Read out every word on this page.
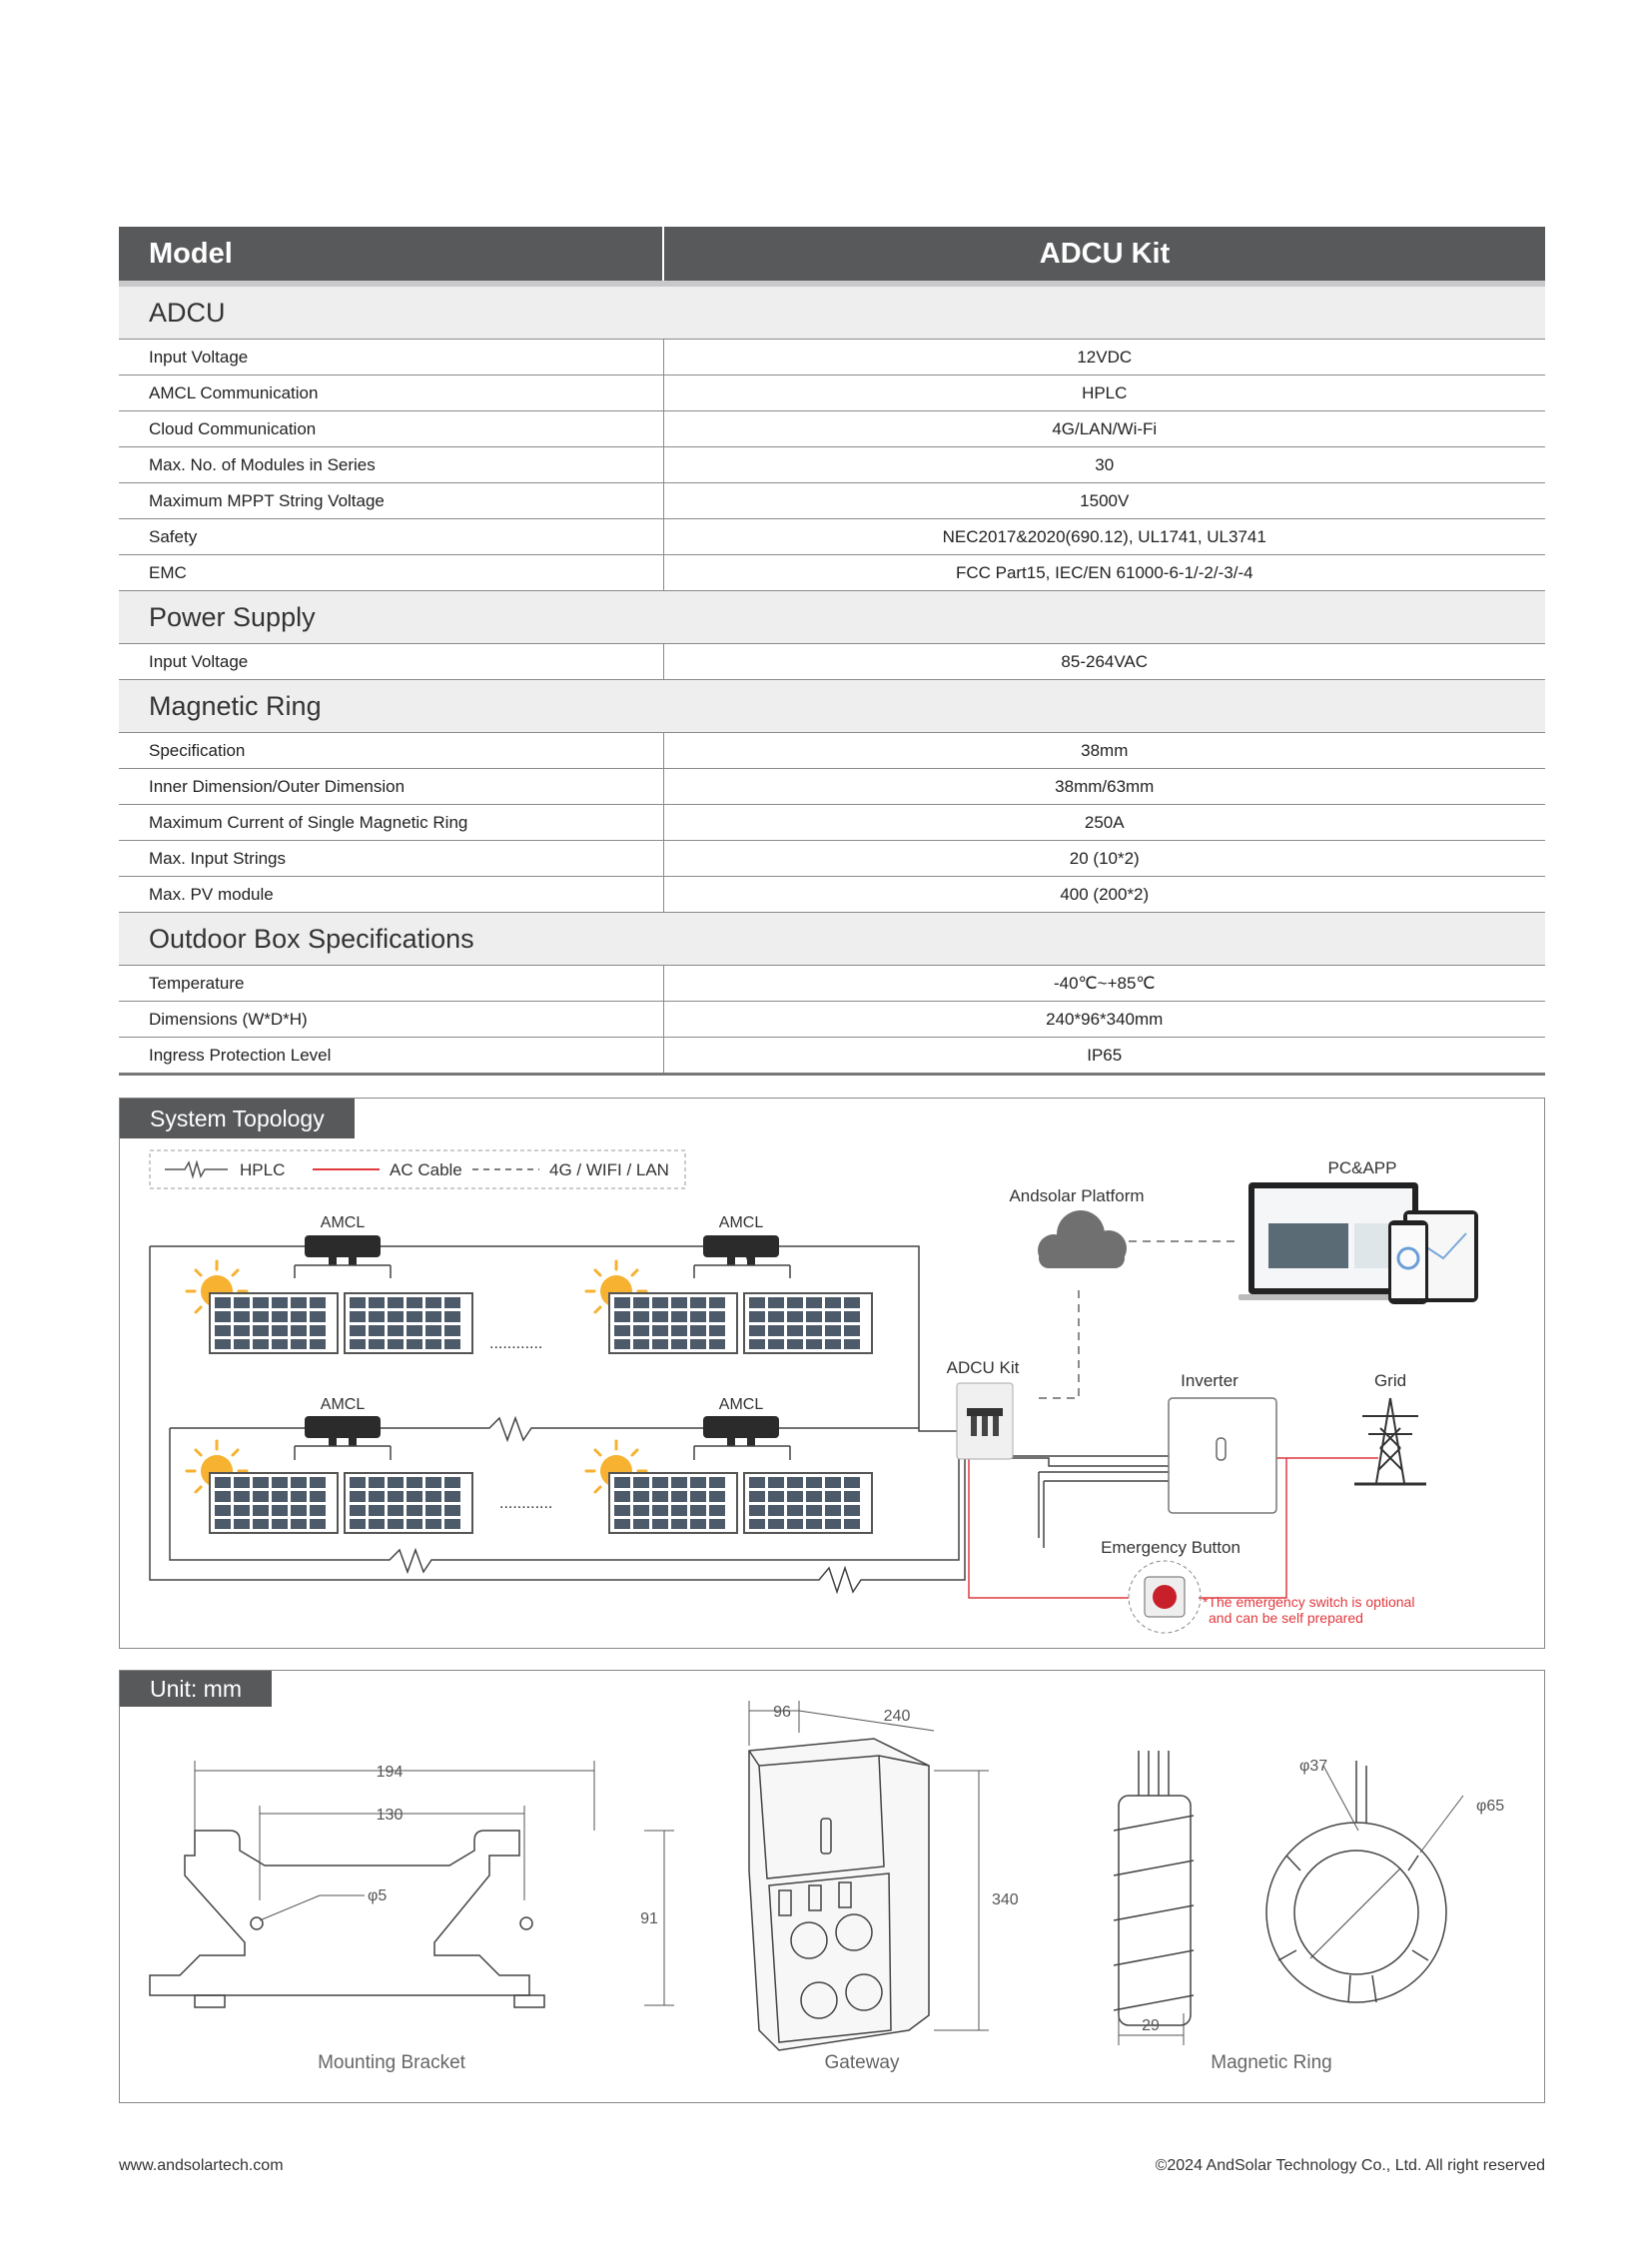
Model	ADCU Kit
ADCU	
Input Voltage	12VDC
AMCL Communication	HPLC
Cloud Communication	4G/LAN/Wi-Fi
Max. No. of Modules in Series	30
Maximum MPPT String Voltage	1500V
Safety	NEC2017&2020(690.12), UL1741, UL3741
EMC	FCC Part15, IEC/EN 61000-6-1/-2/-3/-4
Power Supply	
Input Voltage	85-264VAC
Magnetic Ring	
Specification	38mm
Inner Dimension/Outer Dimension	38mm/63mm
Maximum Current of Single Magnetic Ring	250A
Max. Input Strings	20 (10*2)
Max. PV module	400 (200*2)
Outdoor Box Specifications	
Temperature	-40℃~+85℃
Dimensions (W*D*H)	240*96*340mm
Ingress Protection Level	IP65
HPLC	AC Cable	4G / WIFI / LAN
AMCL
............
AMCL
AMCL
............
AMCL
Andsolar Platform
PC&APP
ADCU Kit
Inverter	Grid
Emergency Button
*The emergency switch is optional
and can be self prepared
System Topology
194
130
φ5
91
Mounting Bracket
96	240
340
Gateway
29
φ37
φ65
Magnetic Ring
Unit: mm
www.andsolartech.com	©2024 AndSolar Technology Co., Ltd. All right reserved
